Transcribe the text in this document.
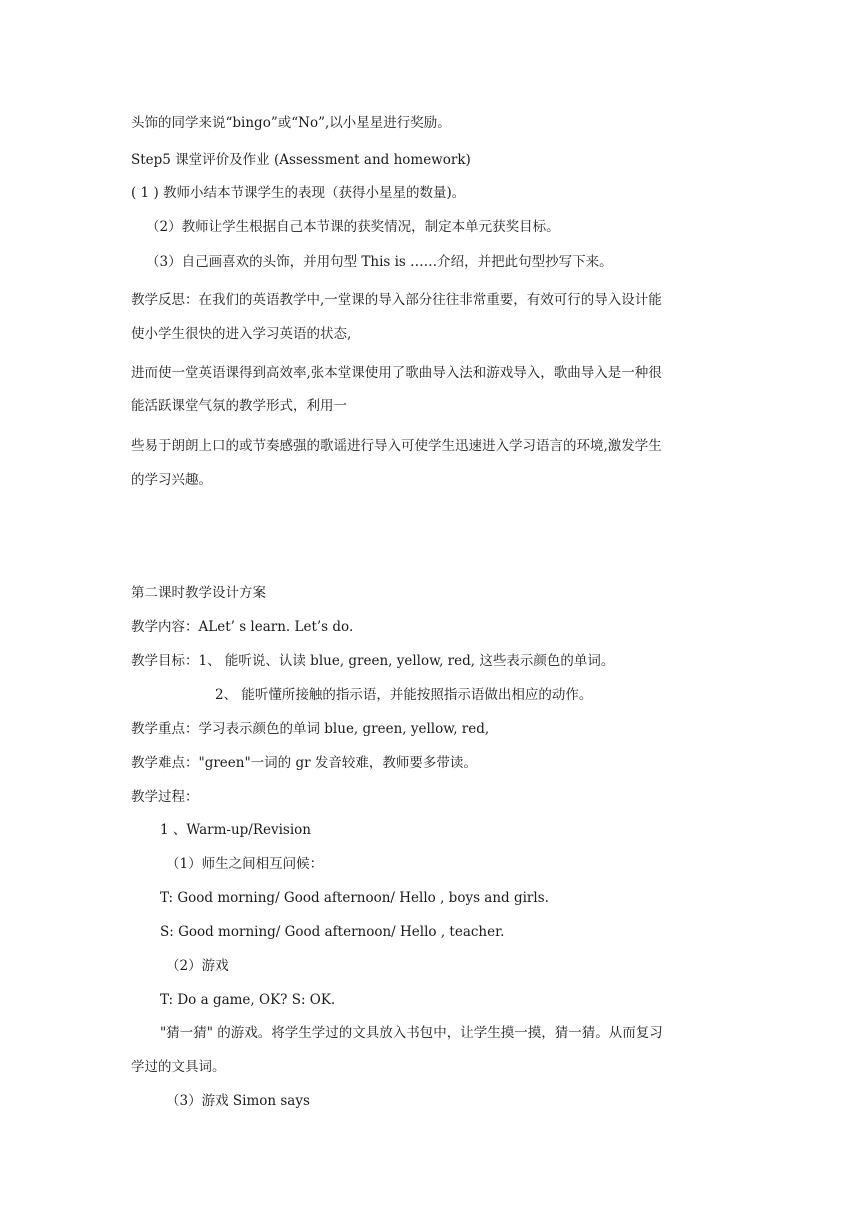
头饰的同学来说“bingo”或“No”,以小星星进行奖励。
Step5 课堂评价及作业 (Assessment and homework)
( 1 ) 教师小结本节课学生的表现（获得小星星的数量)。
（2）教师让学生根据自己本节课的获奖情况，制定本单元获奖目标。
（3）自己画喜欢的头饰，并用句型 This is ……介绍，并把此句型抄写下来。
教学反思：在我们的英语教学中,一堂课的导入部分往往非常重要，有效可行的导入设计能
使小学生很快的进入学习英语的状态,
进而使一堂英语课得到高效率,张本堂课使用了歌曲导入法和游戏导入，歌曲导入是一种很
能活跃课堂气氛的教学形式，利用一
些易于朗朗上口的或节奏感强的歌谣进行导入可使学生迅速进入学习语言的环境,激发学生
的学习兴趣。
第二课时教学设计方案
教学内容：ALet’ s learn. Let’s do.
教学目标：1、 能听说、认读 blue, green, yellow, red, 这些表示颜色的单词。
2、 能听懂所接触的指示语，并能按照指示语做出相应的动作。
教学重点：学习表示颜色的单词 blue, green, yellow, red,
教学难点："green"一词的 gr 发音较难，教师要多带读。
教学过程：
1 、Warm-up/Revision
（1）师生之间相互问候：
T: Good morning/ Good afternoon/ Hello , boys and girls.
S: Good morning/ Good afternoon/ Hello , teacher.
（2）游戏
T: Do a game, OK? S: OK.
"猜一猜" 的游戏。将学生学过的文具放入书包中，让学生摸一摸，猜一猜。从而复习
学过的文具词。
（3）游戏 Simon says
